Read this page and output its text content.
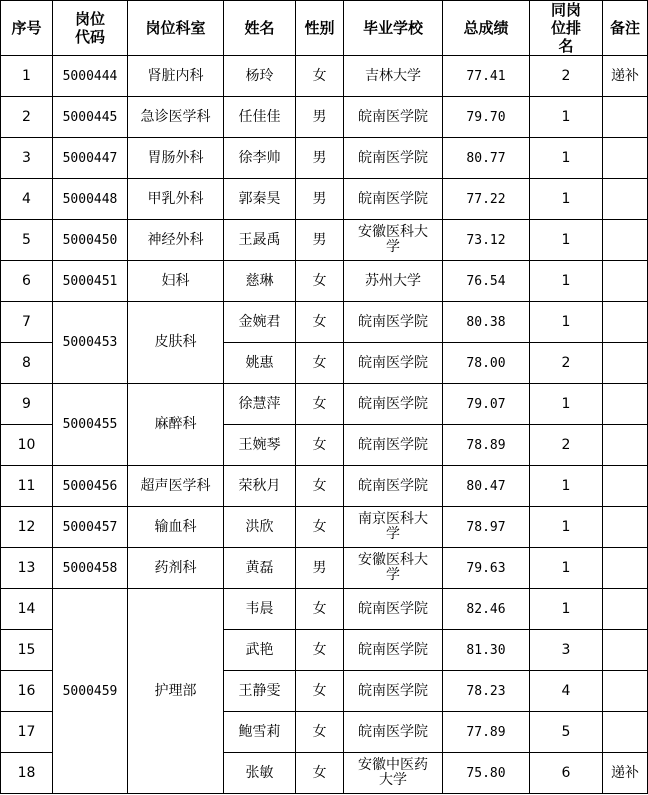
序号	岗位代码	岗位科室	姓名	性别	毕业学校	总成绩	同岗位排名	备注
1	5000444	肾脏内科	杨玲	女	吉林大学	77.41	2	递补
2	5000445	急诊医学科	任佳佳	男	皖南医学院	79.70	1	
3	5000447	胃肠外科	徐李帅	男	皖南医学院	80.77	1	
4	5000448	甲乳外科	郭秦昊	男	皖南医学院	77.22	1	
5	5000450	神经外科	王晸禹	男	安徽医科大学	73.12	1	
6	5000451	妇科	慈琳	女	苏州大学	76.54	1	
7	5000453	皮肤科	金婉君	女	皖南医学院	80.38	1	
8			姚惠	女	皖南医学院	78.00	2	
9	5000455	麻醉科	徐慧萍	女	皖南医学院	79.07	1	
10			王婉琴	女	皖南医学院	78.89	2	
11	5000456	超声医学科	荣秋月	女	皖南医学院	80.47	1	
12	5000457	输血科	洪欣	女	南京医科大学	78.97	1	
13	5000458	药剂科	黄磊	男	安徽医科大学	79.63	1	
14	5000459	护理部	韦晨	女	皖南医学院	82.46	1	
15			武艳	女	皖南医学院	81.30	3	
16			王静雯	女	皖南医学院	78.23	4	
17			鲍雪莉	女	皖南医学院	77.89	5	
18			张敏	女	安徽中医药大学	75.80	6	递补
